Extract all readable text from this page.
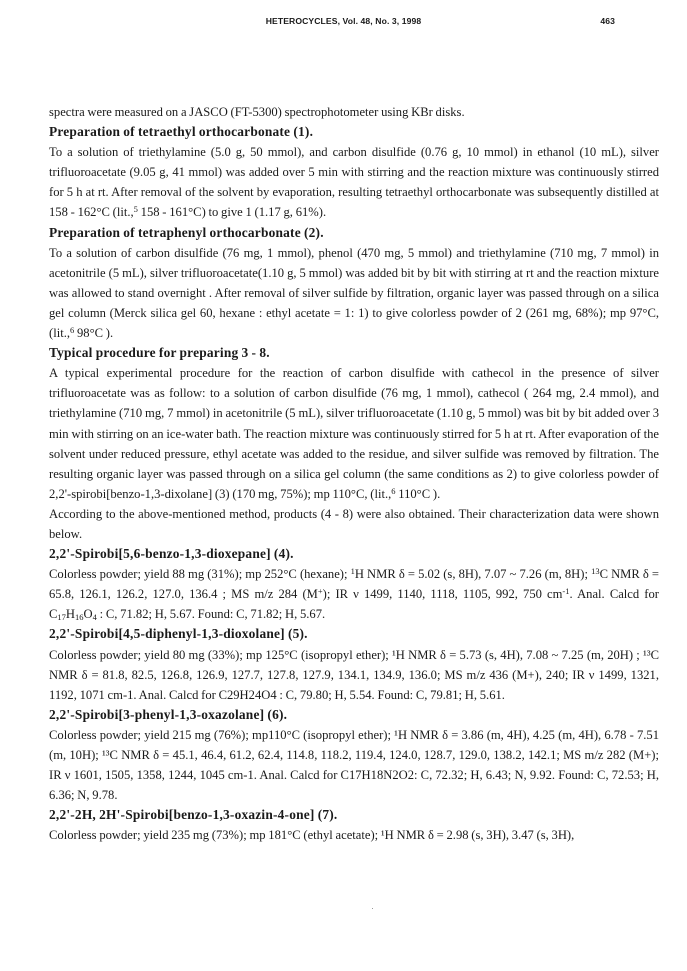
HETEROCYCLES, Vol. 48, No. 3, 1998	463

spectra were measured on a JASCO (FT-5300) spectrophotometer using KBr disks.

Preparation of tetraethyl orthocarbonate (1).

To a solution of triethylamine (5.0 g, 50 mmol), and carbon disulfide (0.76 g, 10 mmol) in ethanol (10 mL), silver trifluoroacetate (9.05 g, 41 mmol) was added over 5 min with stirring and the reaction mixture was continuously stirred for 5 h at rt. After removal of the solvent by evaporation, resulting tetraethyl orthocarbonate was subsequently distilled at 158 - 162°C (lit.,$^5$ 158 - 161°C) to give 1 (1.17 g, 61%).

Preparation of tetraphenyl orthocarbonate (2).

To a solution of carbon disulfide (76 mg, 1 mmol), phenol (470 mg, 5 mmol) and triethylamine (710 mg, 7 mmol) in acetonitrile (5 mL), silver trifluoroacetate(1.10 g, 5 mmol) was added bit by bit with stirring at rt and the reaction mixture was allowed to stand overnight . After removal of silver sulfide by filtration, organic layer was passed through on a silica gel column (Merck silica gel 60, hexane : ethyl acetate = 1: 1) to give colorless powder of 2 (261 mg, 68%); mp 97°C, (lit.,$^6$ 98°C ).

Typical procedure for preparing 3 - 8.

A typical experimental procedure for the reaction of carbon disulfide with cathecol in the presence of silver trifluoroacetate was as follow: to a solution of carbon disulfide (76 mg, 1 mmol), cathecol ( 264 mg, 2.4 mmol), and triethylamine (710 mg, 7 mmol) in acetonitrile (5 mL), silver trifluoroacetate (1.10 g, 5 mmol) was bit by bit added over 3 min with stirring on an ice-water bath. The reaction mixture was continuously stirred for 5 h at rt. After evaporation of the solvent under reduced pressure, ethyl acetate was added to the residue, and silver sulfide was removed by filtration. The resulting organic layer was passed through on a silica gel column (the same conditions as 2) to give colorless powder of 2,2'-spirobi[benzo-1,3-dixolane] (3) (170 mg, 75%); mp 110°C, (lit.,$^6$ 110°C ).

According to the above-mentioned method, products (4 - 8) were also obtained. Their characterization data were shown below.

2,2'-Spirobi[5,6-benzo-1,3-dioxepane] (4).

Colorless powder; yield 88 mg (31%); mp 252°C (hexane); $^1$H NMR δ = 5.02 (s, 8H), 7.07 ~ 7.26 (m, 8H); $^{13}$C NMR δ = 65.8, 126.1, 126.2, 127.0, 136.4 ; MS m/z 284 (M+); IR ν 1499, 1140, 1118, 1105, 992, 750 $cm^{-1}$. Anal. Calcd for $C_{17}H_{16}O_4$ : C, 71.82; H, 5.67. Found: C, 71.82; H, 5.67.

2,2'-Spirobi[4,5-diphenyl-1,3-dioxolane] (5).

Colorless powder; yield 80 mg (33%); mp 125°C (isopropyl ether); ¹H NMR δ = 5.73 (s, 4H), 7.08 ~ 7.25 (m, 20H) ; ¹³C NMR δ = 81.8, 82.5, 126.8, 126.9, 127.7, 127.8, 127.9, 134.1, 134.9, 136.0; MS m/z 436 (M+), 240; IR ν 1499, 1321, 1192, 1071 cm-1. Anal. Calcd for C29H24O4 : C, 79.80; H, 5.54. Found: C, 79.81; H, 5.61.

2,2'-Spirobi[3-phenyl-1,3-oxazolane] (6).

Colorless powder; yield 215 mg (76%); mp110°C (isopropyl ether); ¹H NMR δ = 3.86 (m, 4H), 4.25 (m, 4H), 6.78 - 7.51 (m, 10H); ¹³C NMR δ = 45.1, 46.4, 61.2, 62.4, 114.8, 118.2, 119.4, 124.0, 128.7, 129.0, 138.2, 142.1; MS m/z 282 (M+); IR ν 1601, 1505, 1358, 1244, 1045 cm-1. Anal. Calcd for C17H18N2O2: C, 72.32; H, 6.43; N, 9.92. Found: C, 72.53; H, 6.36; N, 9.78.

2,2'-2H, 2H'-Spirobi[benzo-1,3-oxazin-4-one] (7).

Colorless powder; yield 235 mg (73%); mp 181°C (ethyl acetate); ¹H NMR δ = 2.98 (s, 3H), 3.47 (s, 3H),
